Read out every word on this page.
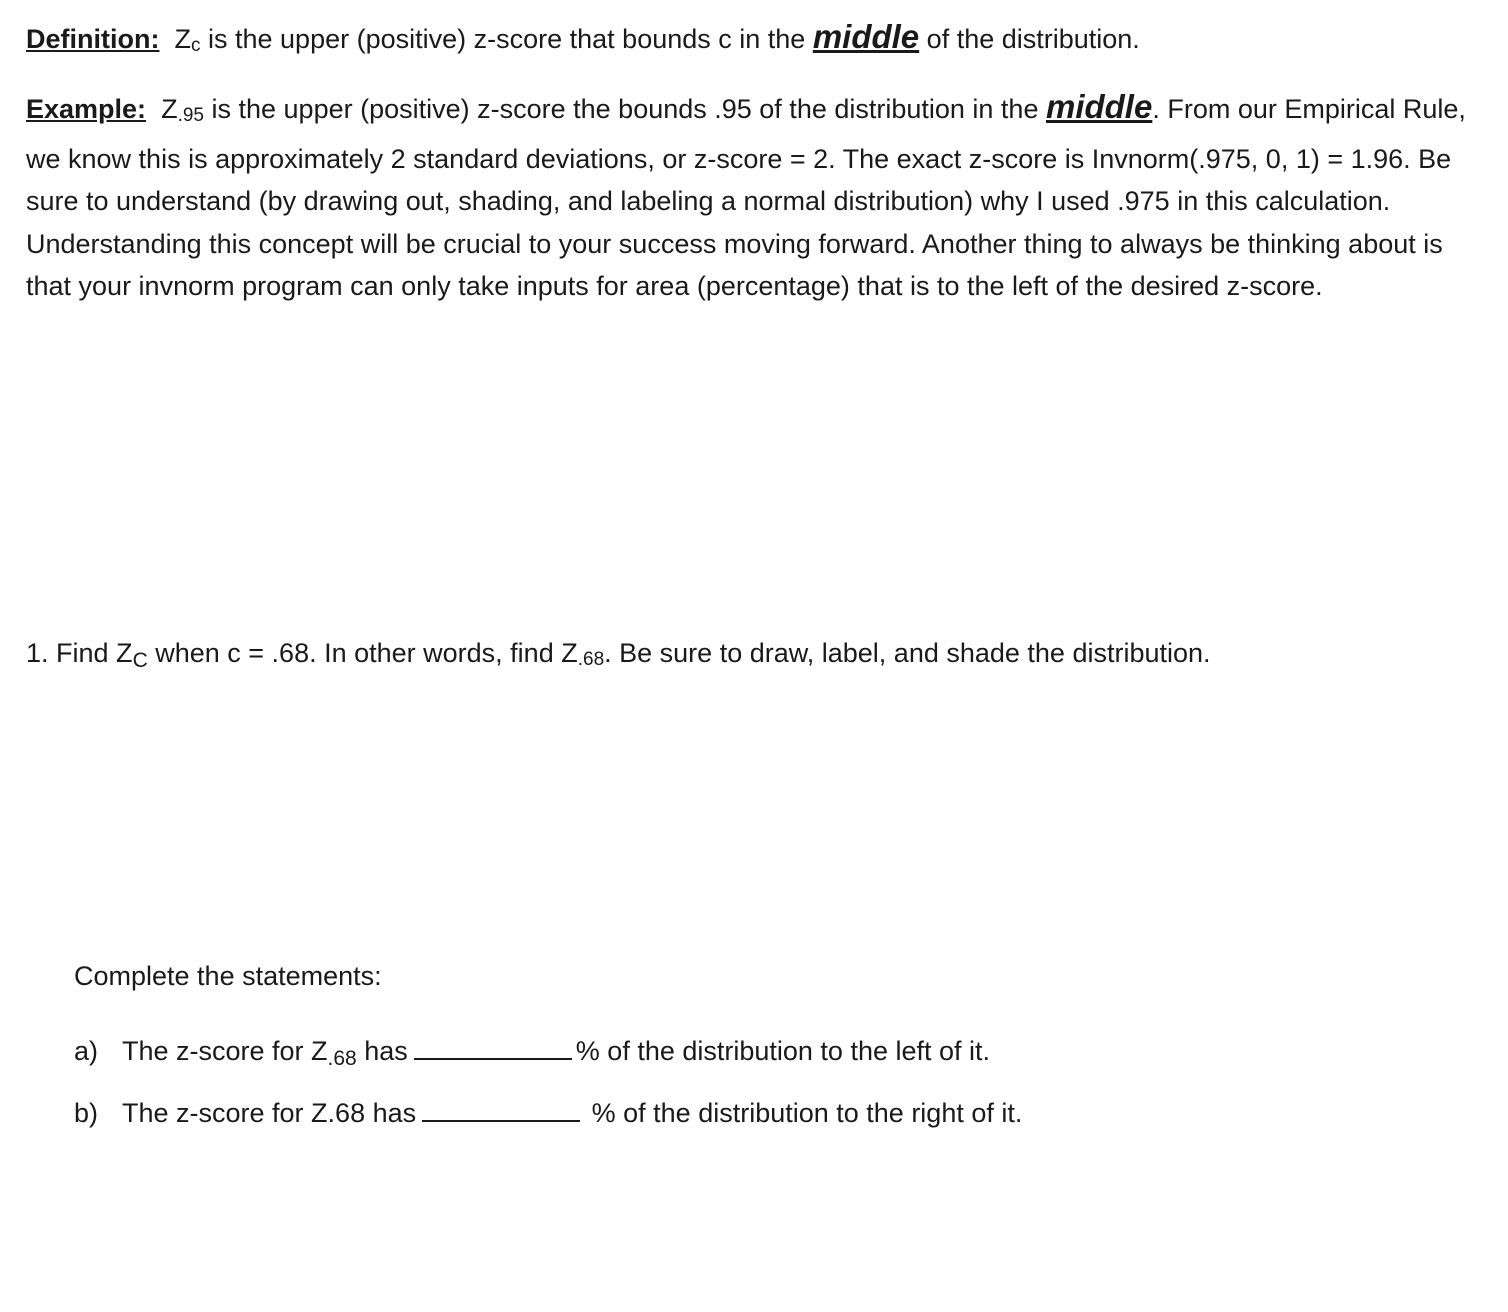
Definition: Zc is the upper (positive) z-score that bounds c in the middle of the distribution.

Example: Z.95 is the upper (positive) z-score the bounds .95 of the distribution in the middle. From our Empirical Rule, we know this is approximately 2 standard deviations, or z-score = 2. The exact z-score is Invnorm(.975, 0, 1) = 1.96. Be sure to understand (by drawing out, shading, and labeling a normal distribution) why I used .975 in this calculation. Understanding this concept will be crucial to your success moving forward. Another thing to always be thinking about is that your invnorm program can only take inputs for area (percentage) that is to the left of the desired z-score.

1. Find ZC when c = .68. In other words, find Z.68. Be sure to draw, label, and shade the distribution.

Complete the statements:
a) The z-score for Z.68 has	% of the distribution to the left of it.
b) The z-score for Z.68 has	% of the distribution to the right of it.
